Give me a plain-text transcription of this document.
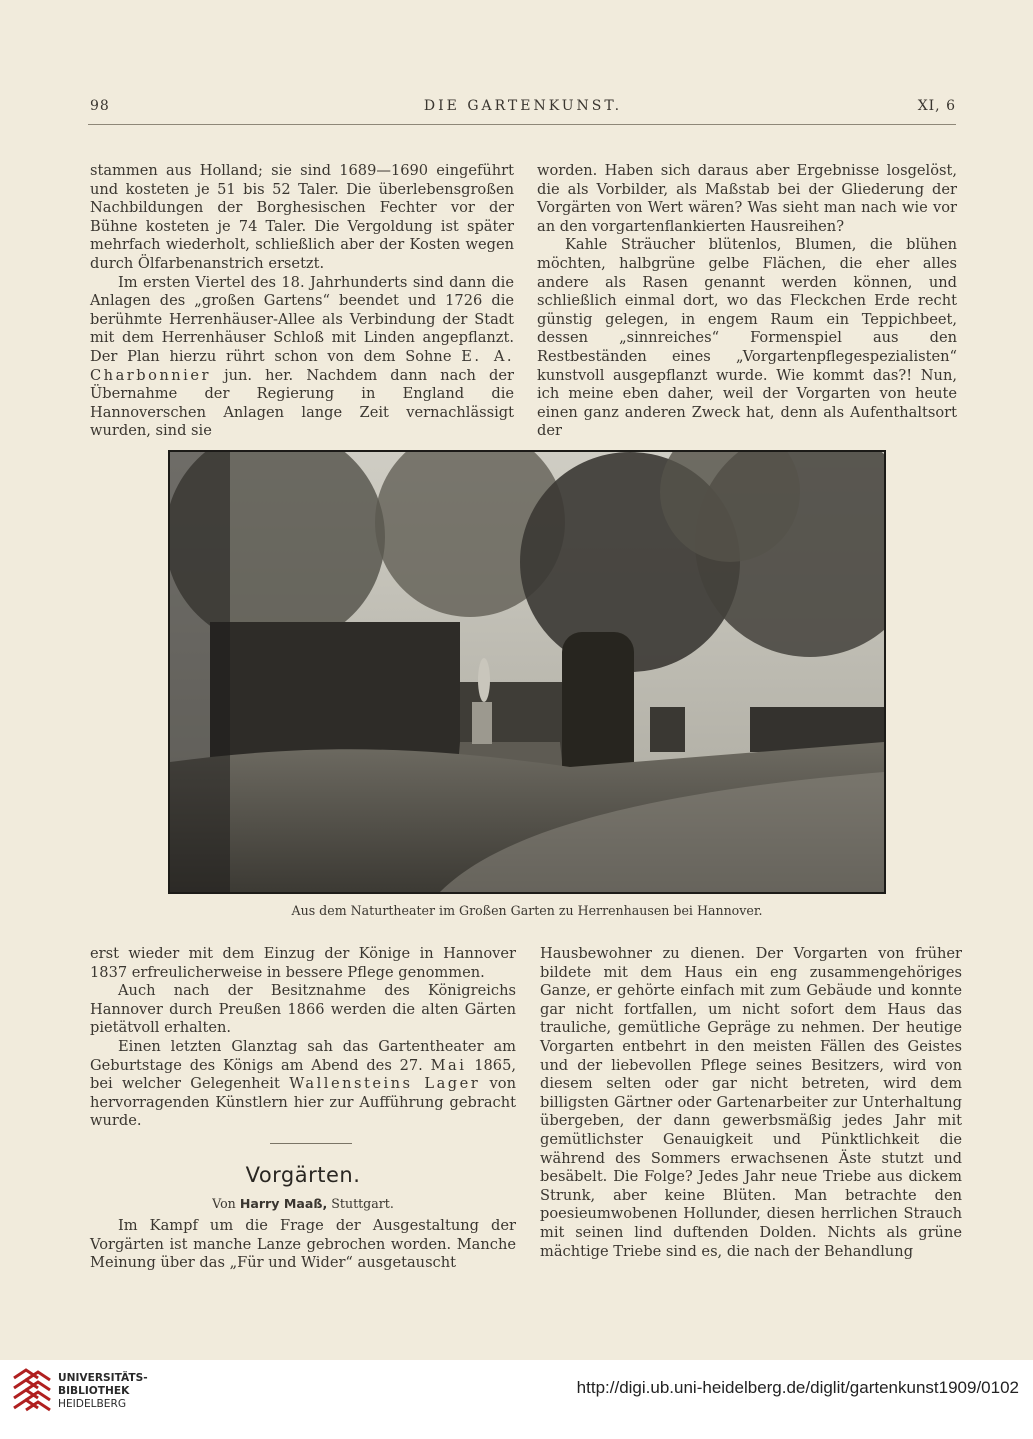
98	DIE GARTENKUNST.	XI, 6

stammen aus Holland; sie sind 1689—1690 eingeführt und kosteten je 51 bis 52 Taler. Die überlebensgroßen Nachbildungen der Borghesischen Fechter vor der Bühne kosteten je 74 Taler. Die Vergoldung ist später mehrfach wiederholt, schließlich aber der Kosten wegen durch Ölfarbenanstrich ersetzt.

Im ersten Viertel des 18. Jahrhunderts sind dann die Anlagen des „großen Gartens“ beendet und 1726 die berühmte Herrenhäuser-Allee als Verbindung der Stadt mit dem Herrenhäuser Schloß mit Linden angepflanzt. Der Plan hierzu rührt schon von dem Sohne E. A. Charbonnier jun. her. Nachdem dann nach der Übernahme der Regierung in England die Hannoverschen Anlagen lange Zeit vernachlässigt wurden, sind sie

worden. Haben sich daraus aber Ergebnisse losgelöst, die als Vorbilder, als Maßstab bei der Gliederung der Vorgärten von Wert wären? Was sieht man nach wie vor an den vorgartenflankierten Hausreihen?

Kahle Sträucher blütenlos, Blumen, die blühen möchten, halbgrüne gelbe Flächen, die eher alles andere als Rasen genannt werden können, und schließlich einmal dort, wo das Fleckchen Erde recht günstig gelegen, in engem Raum ein Teppichbeet, dessen „sinnreiches“ Formenspiel aus den Restbeständen eines „Vorgartenpflegespezialisten“ kunstvoll ausgepflanzt wurde. Wie kommt das?! Nun, ich meine eben daher, weil der Vorgarten von heute einen ganz anderen Zweck hat, denn als Aufenthaltsort der

Aus dem Naturtheater im Großen Garten zu Herrenhausen bei Hannover.

erst wieder mit dem Einzug der Könige in Hannover 1837 erfreulicherweise in bessere Pflege genommen.

Auch nach der Besitznahme des Königreichs Hannover durch Preußen 1866 werden die alten Gärten pietätvoll erhalten.

Einen letzten Glanztag sah das Gartentheater am Geburtstage des Königs am Abend des 27. Mai 1865, bei welcher Gelegenheit Wallensteins Lager von hervorragenden Künstlern hier zur Aufführung gebracht wurde.

Vorgärten.
Von Harry Maaß, Stuttgart.

Im Kampf um die Frage der Ausgestaltung der Vorgärten ist manche Lanze gebrochen worden. Manche Meinung über das „Für und Wider“ ausgetauscht

Hausbewohner zu dienen. Der Vorgarten von früher bildete mit dem Haus ein eng zusammengehöriges Ganze, er gehörte einfach mit zum Gebäude und konnte gar nicht fortfallen, um nicht sofort dem Haus das trauliche, gemütliche Gepräge zu nehmen. Der heutige Vorgarten entbehrt in den meisten Fällen des Geistes und der liebevollen Pflege seines Besitzers, wird von diesem selten oder gar nicht betreten, wird dem billigsten Gärtner oder Gartenarbeiter zur Unterhaltung übergeben, der dann gewerbsmäßig jedes Jahr mit gemütlichster Genauigkeit und Pünktlichkeit die während des Sommers erwachsenen Äste stutzt und besäbelt. Die Folge? Jedes Jahr neue Triebe aus dickem Strunk, aber keine Blüten. Man betrachte den poesieumwobenen Hollunder, diesen herrlichen Strauch mit seinen lind duftenden Dolden. Nichts als grüne mächtige Triebe sind es, die nach der Behandlung

UNIVERSITÄTS-
BIBLIOTHEK
HEIDELBERG
http://digi.ub.uni-heidelberg.de/diglit/gartenkunst1909/0102
